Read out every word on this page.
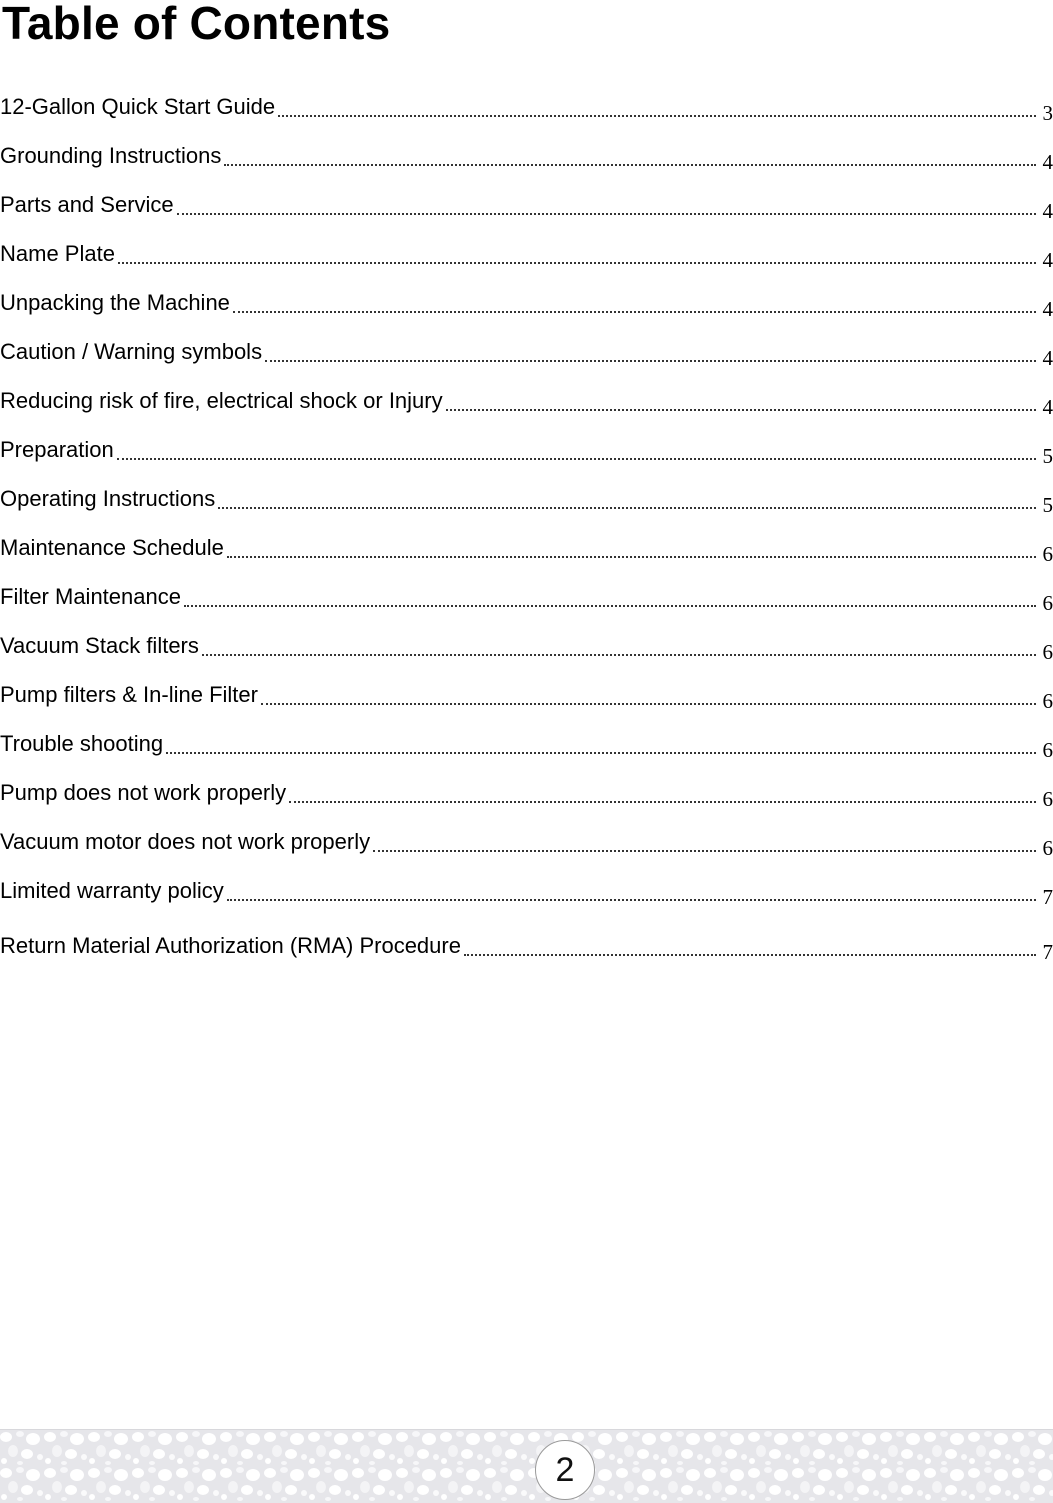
Table of Contents
12-Gallon Quick Start Guide	3
Grounding Instructions	4
Parts and Service	4
Name Plate	4
Unpacking the Machine	4
Caution / Warning symbols	4
Reducing risk of fire, electrical shock or Injury	4
Preparation	5
Operating Instructions	5
Maintenance Schedule	6
Filter Maintenance	6
Vacuum Stack filters	6
Pump filters & In-line Filter	6
Trouble shooting	6
Pump does not work properly	6
Vacuum motor does not work properly	6
Limited warranty policy	7
Return Material Authorization (RMA) Procedure	7
2
